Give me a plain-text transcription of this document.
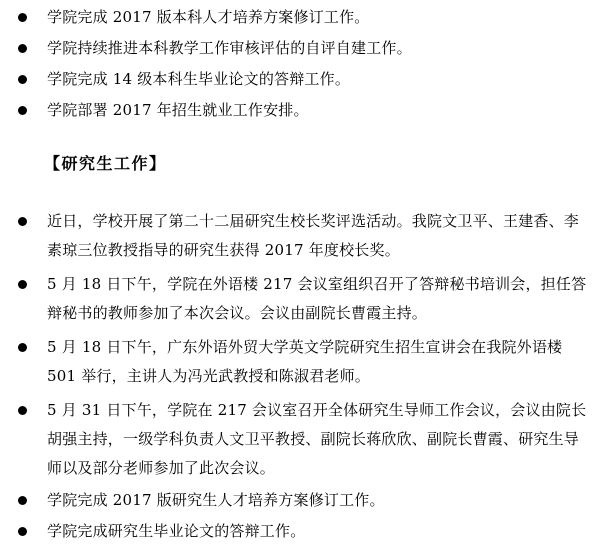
学院完成 2017 版本科人才培养方案修订工作。
学院持续推进本科教学工作审核评估的自评自建工作。
学院完成 14 级本科生毕业论文的答辩工作。
学院部署 2017 年招生就业工作安排。
【研究生工作】
近日，学校开展了第二十二届研究生校长奖评选活动。我院文卫平、王建香、李素琼三位教授指导的研究生获得 2017 年度校长奖。
5 月 18 日下午，学院在外语楼 217 会议室组织召开了答辩秘书培训会，担任答辩秘书的教师参加了本次会议。会议由副院长曹霞主持。
5 月 18 日下午，广东外语外贸大学英文学院研究生招生宣讲会在我院外语楼 501 举行，主讲人为冯光武教授和陈淑君老师。
5 月 31 日下午，学院在 217 会议室召开全体研究生导师工作会议，会议由院长胡强主持，一级学科负责人文卫平教授、副院长蒋欣欣、副院长曹霞、研究生导师以及部分老师参加了此次会议。
学院完成 2017 版研究生人才培养方案修订工作。
学院完成研究生毕业论文的答辩工作。
